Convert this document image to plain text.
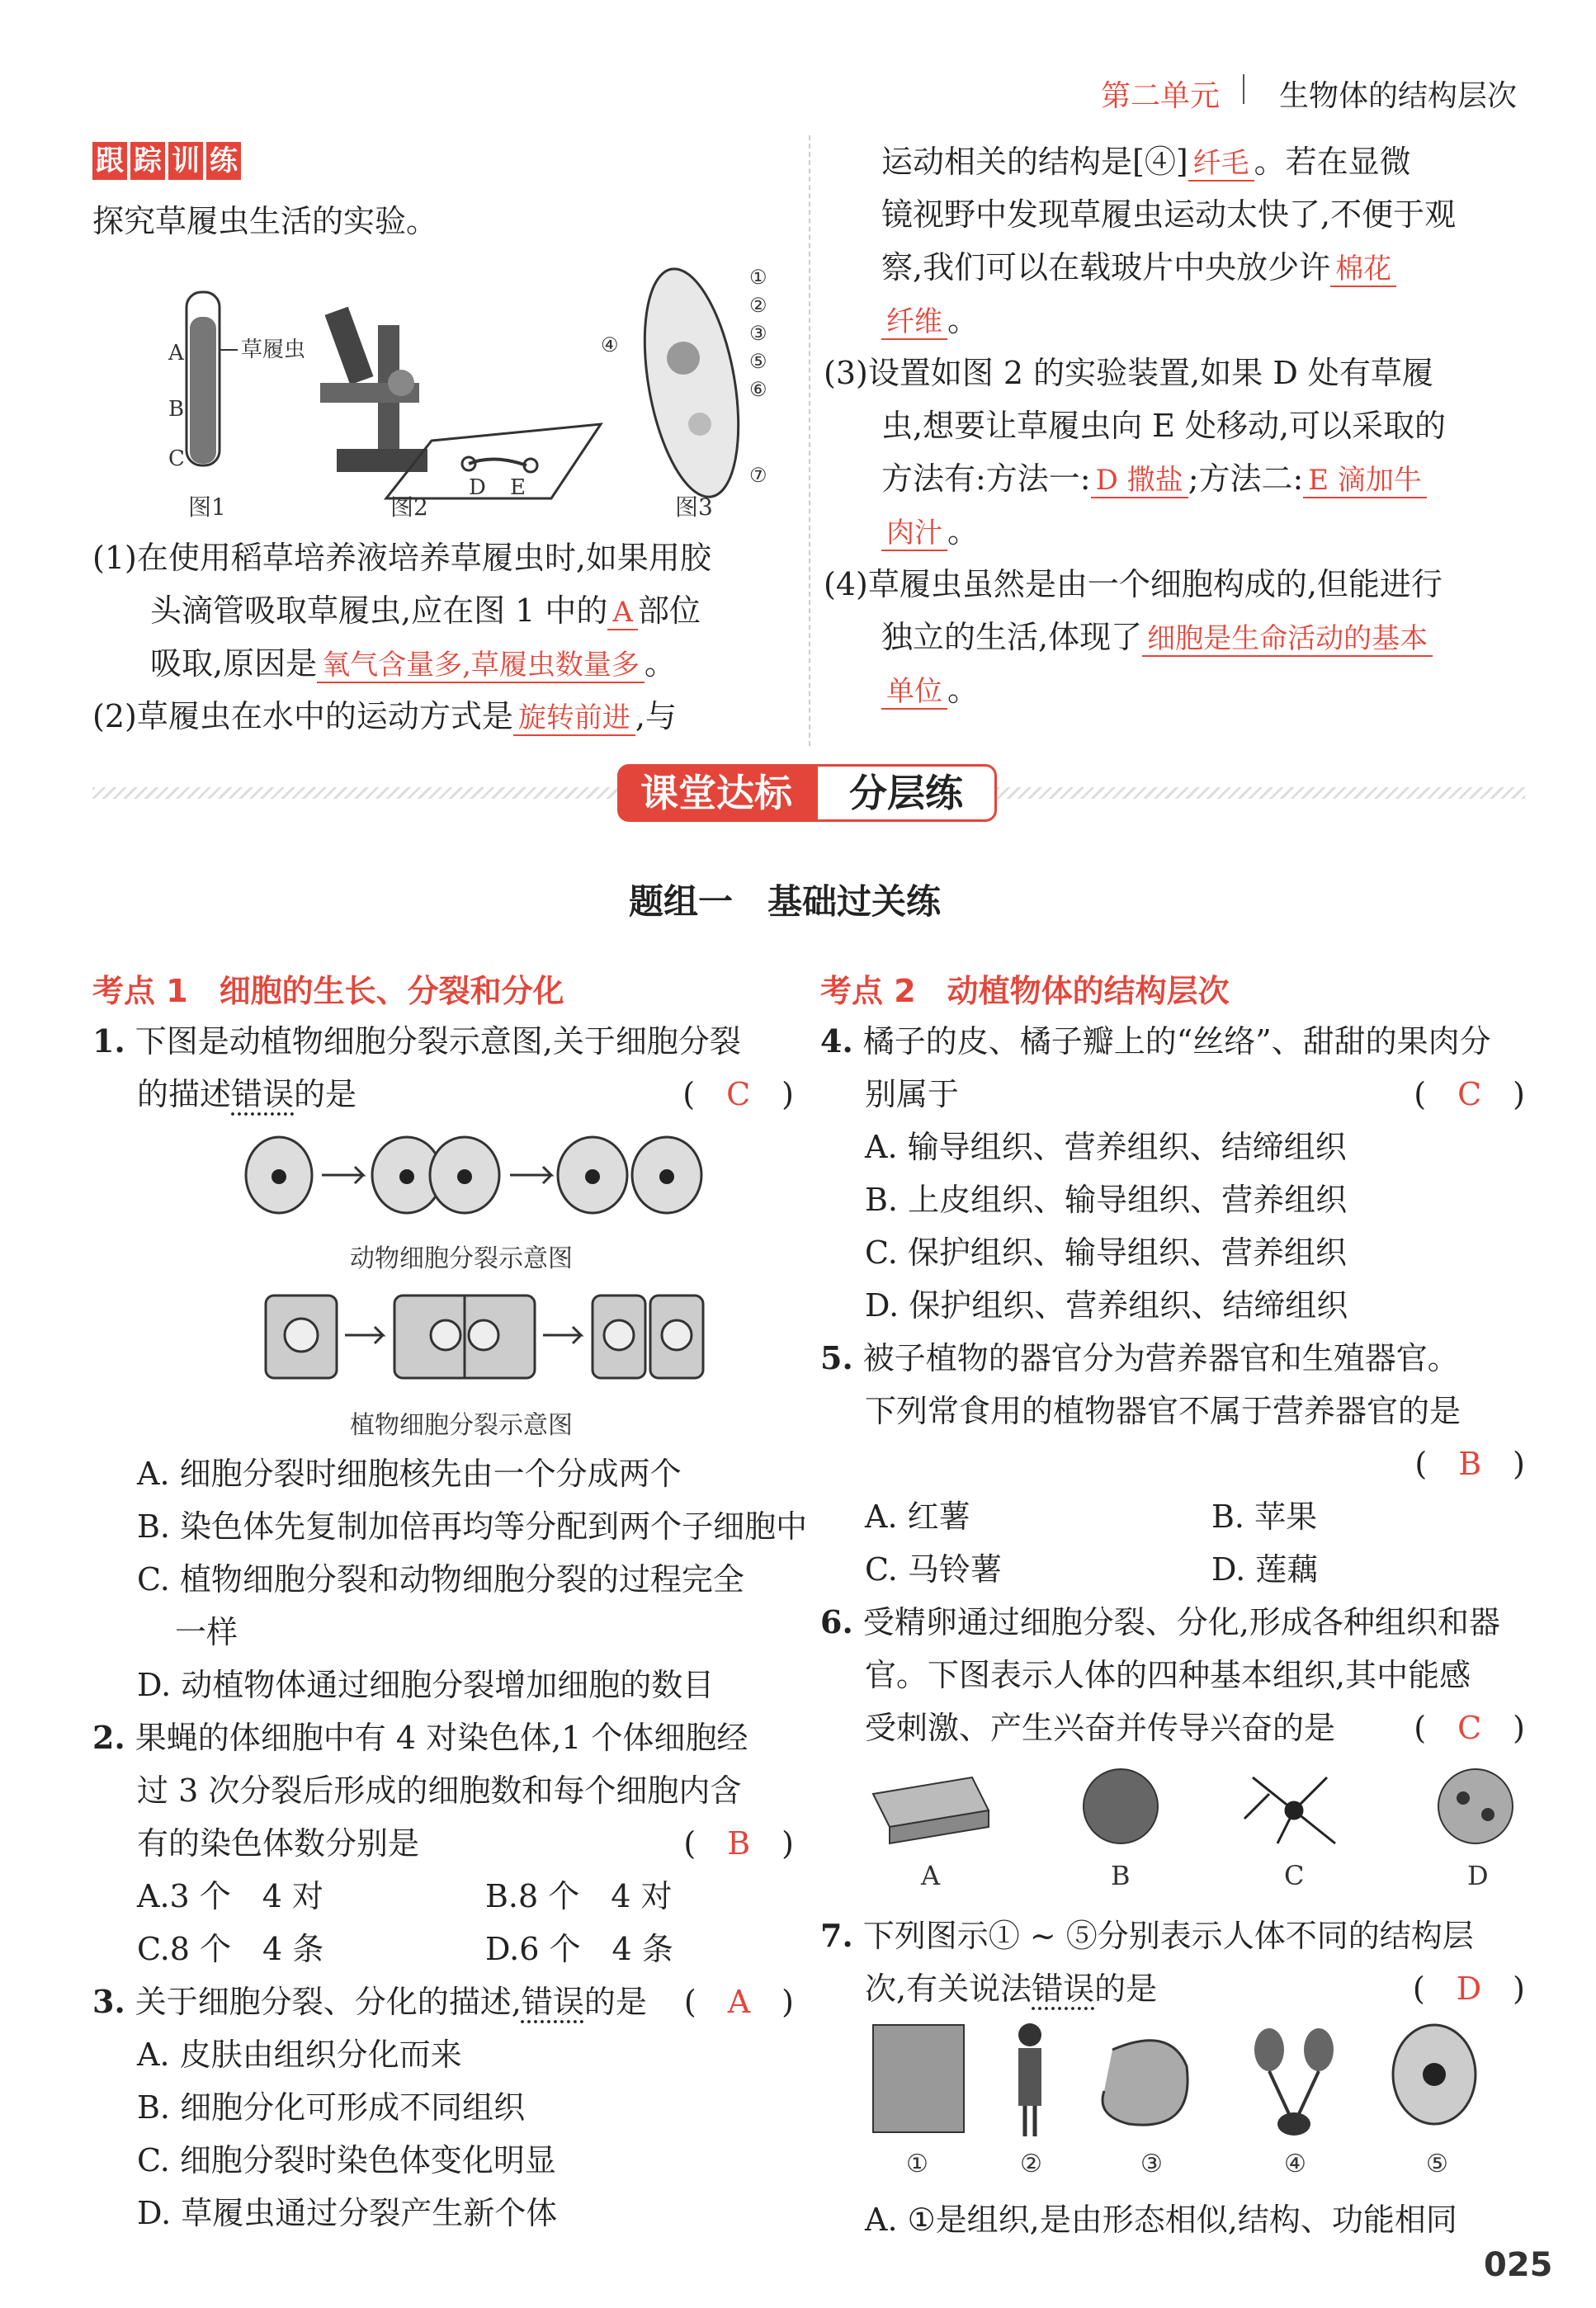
第二单元 生物体的结构层次
跟 踪 训 练
探究草履虫生活的实验。
草履虫
A
B
C
图1
D E
图2
④
①
②
③
⑤
⑥
⑦
图3
(1)在使用稻草培养液培养草履虫时,如果用胶
头滴管吸取草履虫,应在图 1 中的 A 部位
吸取,原因是 氧气含量多,草履虫数量多 。
(2)草履虫在水中的运动方式是 旋转前进 ,与
运动相关的结构是[④] 纤毛 。若在显微
镜视野中发现草履虫运动太快了,不便于观
察,我们可以在载玻片中央放少许 棉花
纤维 。
(3)设置如图 2 的实验装置,如果 D 处有草履
虫,想要让草履虫向 E 处移动,可以采取的
方法有:方法一: D 撒盐 ;方法二: E 滴加牛
肉汁 。
(4)草履虫虽然是由一个细胞构成的,但能进行
独立的生活,体现了 细胞是生命活动的基本
单位 。
课堂达标	分层练
题组一　基础过关练
考点 1　细胞的生长、分裂和分化	考点 2　动植物体的结构层次
1. 下图是动植物细胞分裂示意图,关于细胞分裂
的描述错误的是	(　C　)
动物细胞分裂示意图
植物细胞分裂示意图
A. 细胞分裂时细胞核先由一个分成两个
B. 染色体先复制加倍再均等分配到两个子细胞中
C. 植物细胞分裂和动物细胞分裂的过程完全
一样
D. 动植物体通过细胞分裂增加细胞的数目
2. 果蝇的体细胞中有 4 对染色体,1 个体细胞经
过 3 次分裂后形成的细胞数和每个细胞内含
有的染色体数分别是	(　B　)
A.3 个　4 对	B.8 个　4 对
C.8 个　4 条	D.6 个　4 条
3. 关于细胞分裂、分化的描述,错误的是 (　A　)
A. 皮肤由组织分化而来
B. 细胞分化可形成不同组织
C. 细胞分裂时染色体变化明显
D. 草履虫通过分裂产生新个体
4. 橘子的皮、橘子瓣上的“丝络”、甜甜的果肉分
别属于	(　C　)
A. 输导组织、营养组织、结缔组织
B. 上皮组织、输导组织、营养组织
C. 保护组织、输导组织、营养组织
D. 保护组织、营养组织、结缔组织
5. 被子植物的器官分为营养器官和生殖器官。
下列常食用的植物器官不属于营养器官的是
(　B　)
A. 红薯	B. 苹果
C. 马铃薯	D. 莲藕
6. 受精卵通过细胞分裂、分化,形成各种组织和器
官。下图表示人体的四种基本组织,其中能感
受刺激、产生兴奋并传导兴奋的是	(　C　)
A	B	C	D
7. 下列图示① ~ ⑤分别表示人体不同的结构层
次,有关说法错误的是	(　D　)
①	②	③	④	⑤
A. ①是组织,是由形态相似,结构、功能相同
025
